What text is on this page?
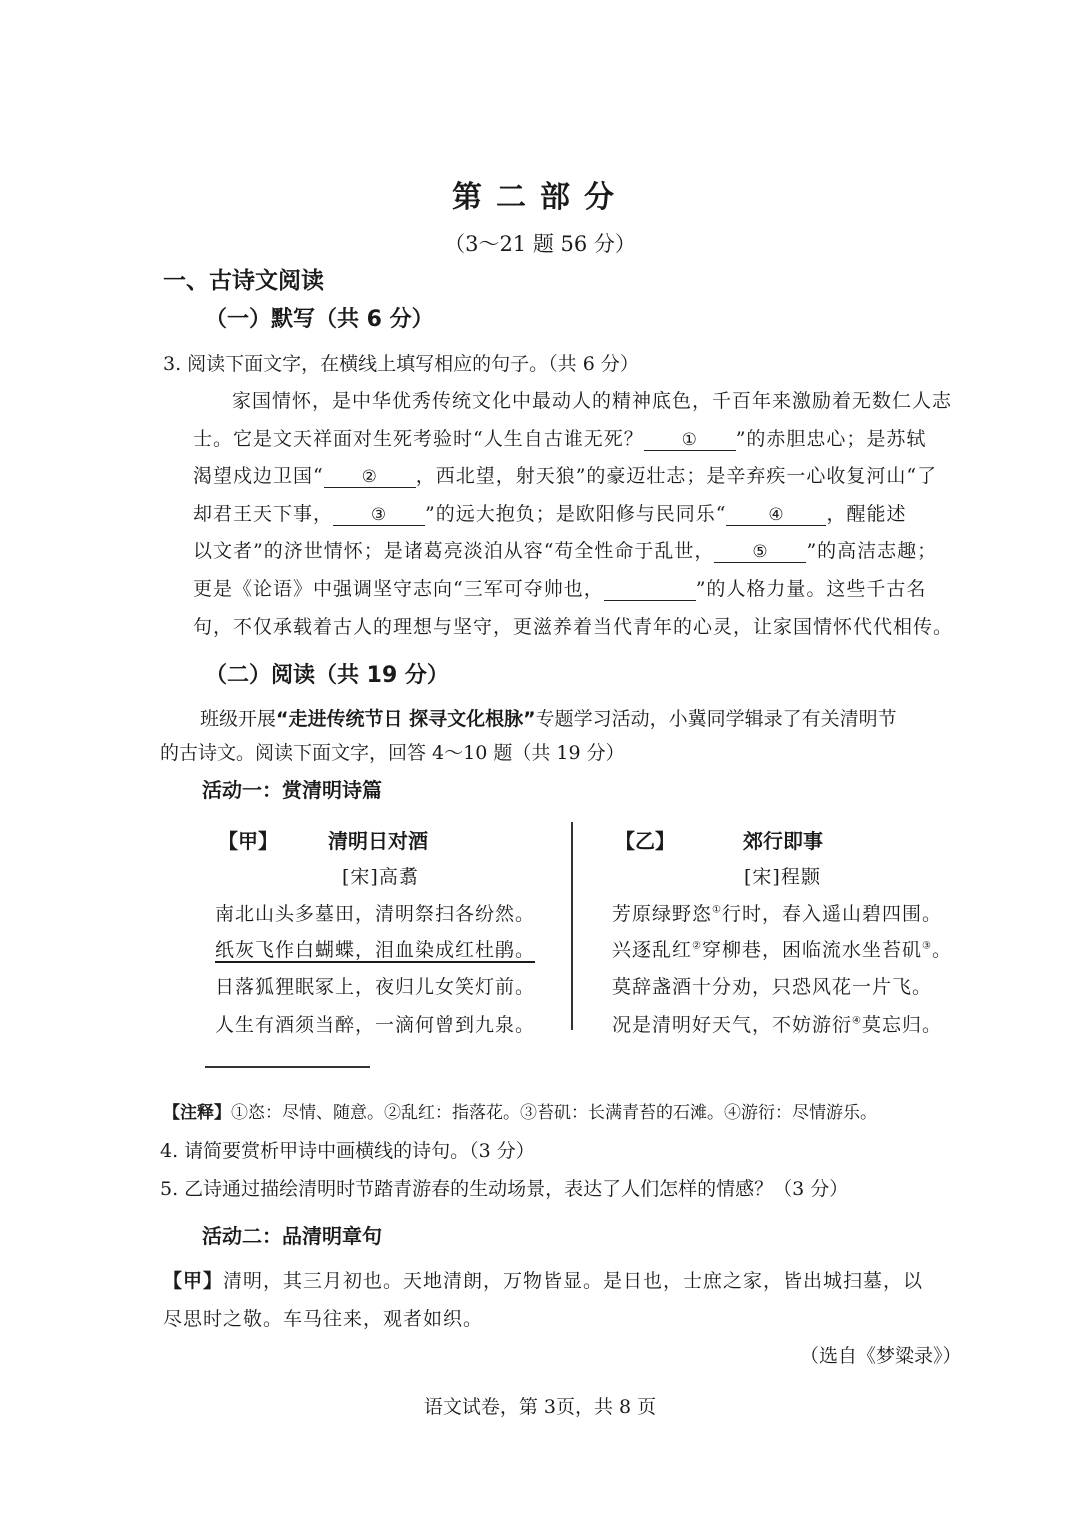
第二部分
（3～21 题 56 分）
一、古诗文阅读
（一）默写（共 6 分）
3. 阅读下面文字，在横线上填写相应的句子。（共 6 分）
家国情怀，是中华优秀传统文化中最动人的精神底色，千百年来激励着无数仁人志
士。它是文天祥面对生死考验时“人生自古谁无死？ ① ”的赤胆忠心；是苏轼
渴望戍边卫国“ ② ，西北望，射天狼”的豪迈壮志；是辛弃疾一心收复河山“了
却君王天下事， ③ ”的远大抱负；是欧阳修与民同乐“ ④ ，醒能述
以文者”的济世情怀；是诸葛亮淡泊从容“苟全性命于乱世， ⑤ ”的高洁志趣；
更是《论语》中强调坚守志向“三军可夺帅也，	”的人格力量。这些千古名
句，不仅承载着古人的理想与坚守，更滋养着当代青年的心灵，让家国情怀代代相传。
（二）阅读（共 19 分）
班级开展“走进传统节日 探寻文化根脉”专题学习活动，小冀同学辑录了有关清明节
的古诗文。阅读下面文字，回答 4～10 题（共 19 分）
活动一：赏清明诗篇
【甲】	清明日对酒
[宋]高翥
南北山头多墓田，清明祭扫各纷然。
纸灰飞作白蝴蝶，泪血染成红杜鹃。
日落狐狸眠冢上，夜归儿女笑灯前。
人生有酒须当醉，一滴何曾到九泉。
【乙】	郊行即事
[宋]程颢
芳原绿野恣①行时，春入遥山碧四围。
兴逐乱红②穿柳巷，困临流水坐苔矶③。
莫辞盏酒十分劝，只恐风花一片飞。
况是清明好天气，不妨游衍④莫忘归。
【注释】①恣：尽情、随意。②乱红：指落花。③苔矶：长满青苔的石滩。④游衍：尽情游乐。
4. 请简要赏析甲诗中画横线的诗句。（3 分）
5. 乙诗通过描绘清明时节踏青游春的生动场景，表达了人们怎样的情感？（3 分）
活动二：品清明章句
【甲】清明，其三月初也。天地清朗，万物皆显。是日也，士庶之家，皆出城扫墓，以
尽思时之敬。车马往来，观者如织。
（选自《梦粱录》）
语文试卷，第 3页，共 8 页
